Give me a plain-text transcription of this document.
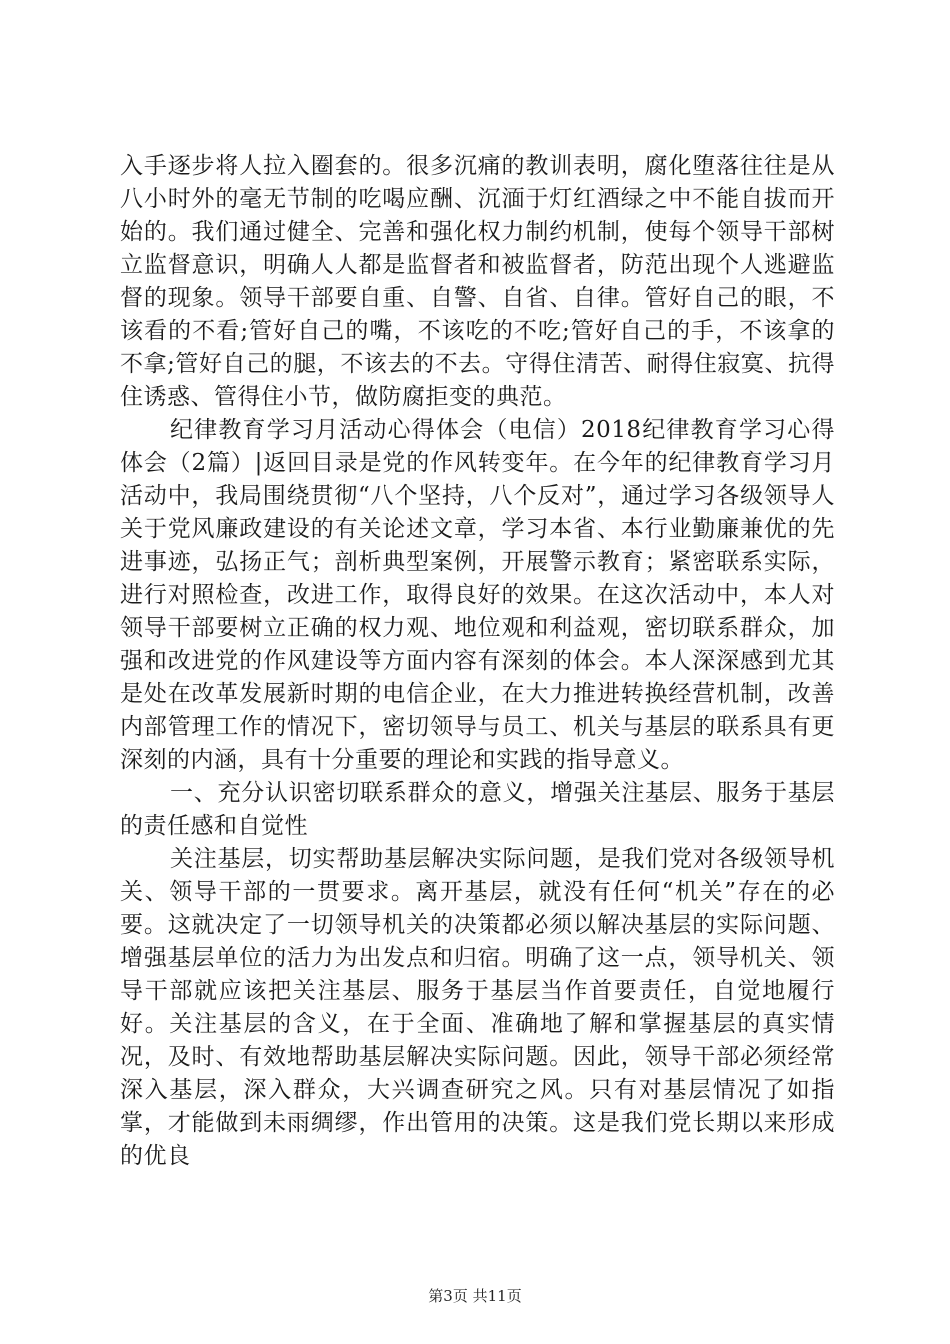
入手逐步将人拉入圈套的。很多沉痛的教训表明，腐化堕落往往是从八小时外的毫无节制的吃喝应酬、沉湎于灯红酒绿之中不能自拔而开始的。我们通过健全、完善和强化权力制约机制，使每个领导干部树立监督意识，明确人人都是监督者和被监督者，防范出现个人逃避监督的现象。领导干部要自重、自警、自省、自律。管好自己的眼，不该看的不看;管好自己的嘴，不该吃的不吃;管好自己的手，不该拿的不拿;管好自己的腿，不该去的不去。守得住清苦、耐得住寂寞、抗得住诱惑、管得住小节，做防腐拒变的典范。

纪律教育学习月活动心得体会（电信）2018纪律教育学习心得体会（2篇）|返回目录是党的作风转变年。在今年的纪律教育学习月活动中，我局围绕贯彻“八个坚持，八个反对”，通过学习各级领导人关于党风廉政建设的有关论述文章，学习本省、本行业勤廉兼优的先进事迹，弘扬正气；剖析典型案例，开展警示教育；紧密联系实际，进行对照检查，改进工作，取得良好的效果。在这次活动中，本人对领导干部要树立正确的权力观、地位观和利益观，密切联系群众，加强和改进党的作风建设等方面内容有深刻的体会。本人深深感到尤其是处在改革发展新时期的电信企业，在大力推进转换经营机制，改善内部管理工作的情况下，密切领导与员工、机关与基层的联系具有更深刻的内涵，具有十分重要的理论和实践的指导意义。

一、充分认识密切联系群众的意义，增强关注基层、服务于基层的责任感和自觉性

关注基层，切实帮助基层解决实际问题，是我们党对各级领导机关、领导干部的一贯要求。离开基层，就没有任何“机关”存在的必要。这就决定了一切领导机关的决策都必须以解决基层的实际问题、增强基层单位的活力为出发点和归宿。明确了这一点，领导机关、领导干部就应该把关注基层、服务于基层当作首要责任，自觉地履行好。关注基层的含义，在于全面、准确地了解和掌握基层的真实情况，及时、有效地帮助基层解决实际问题。因此，领导干部必须经常深入基层，深入群众，大兴调查研究之风。只有对基层情况了如指掌，才能做到未雨绸缪，作出管用的决策。这是我们党长期以来形成的优良

第3页 共11页
